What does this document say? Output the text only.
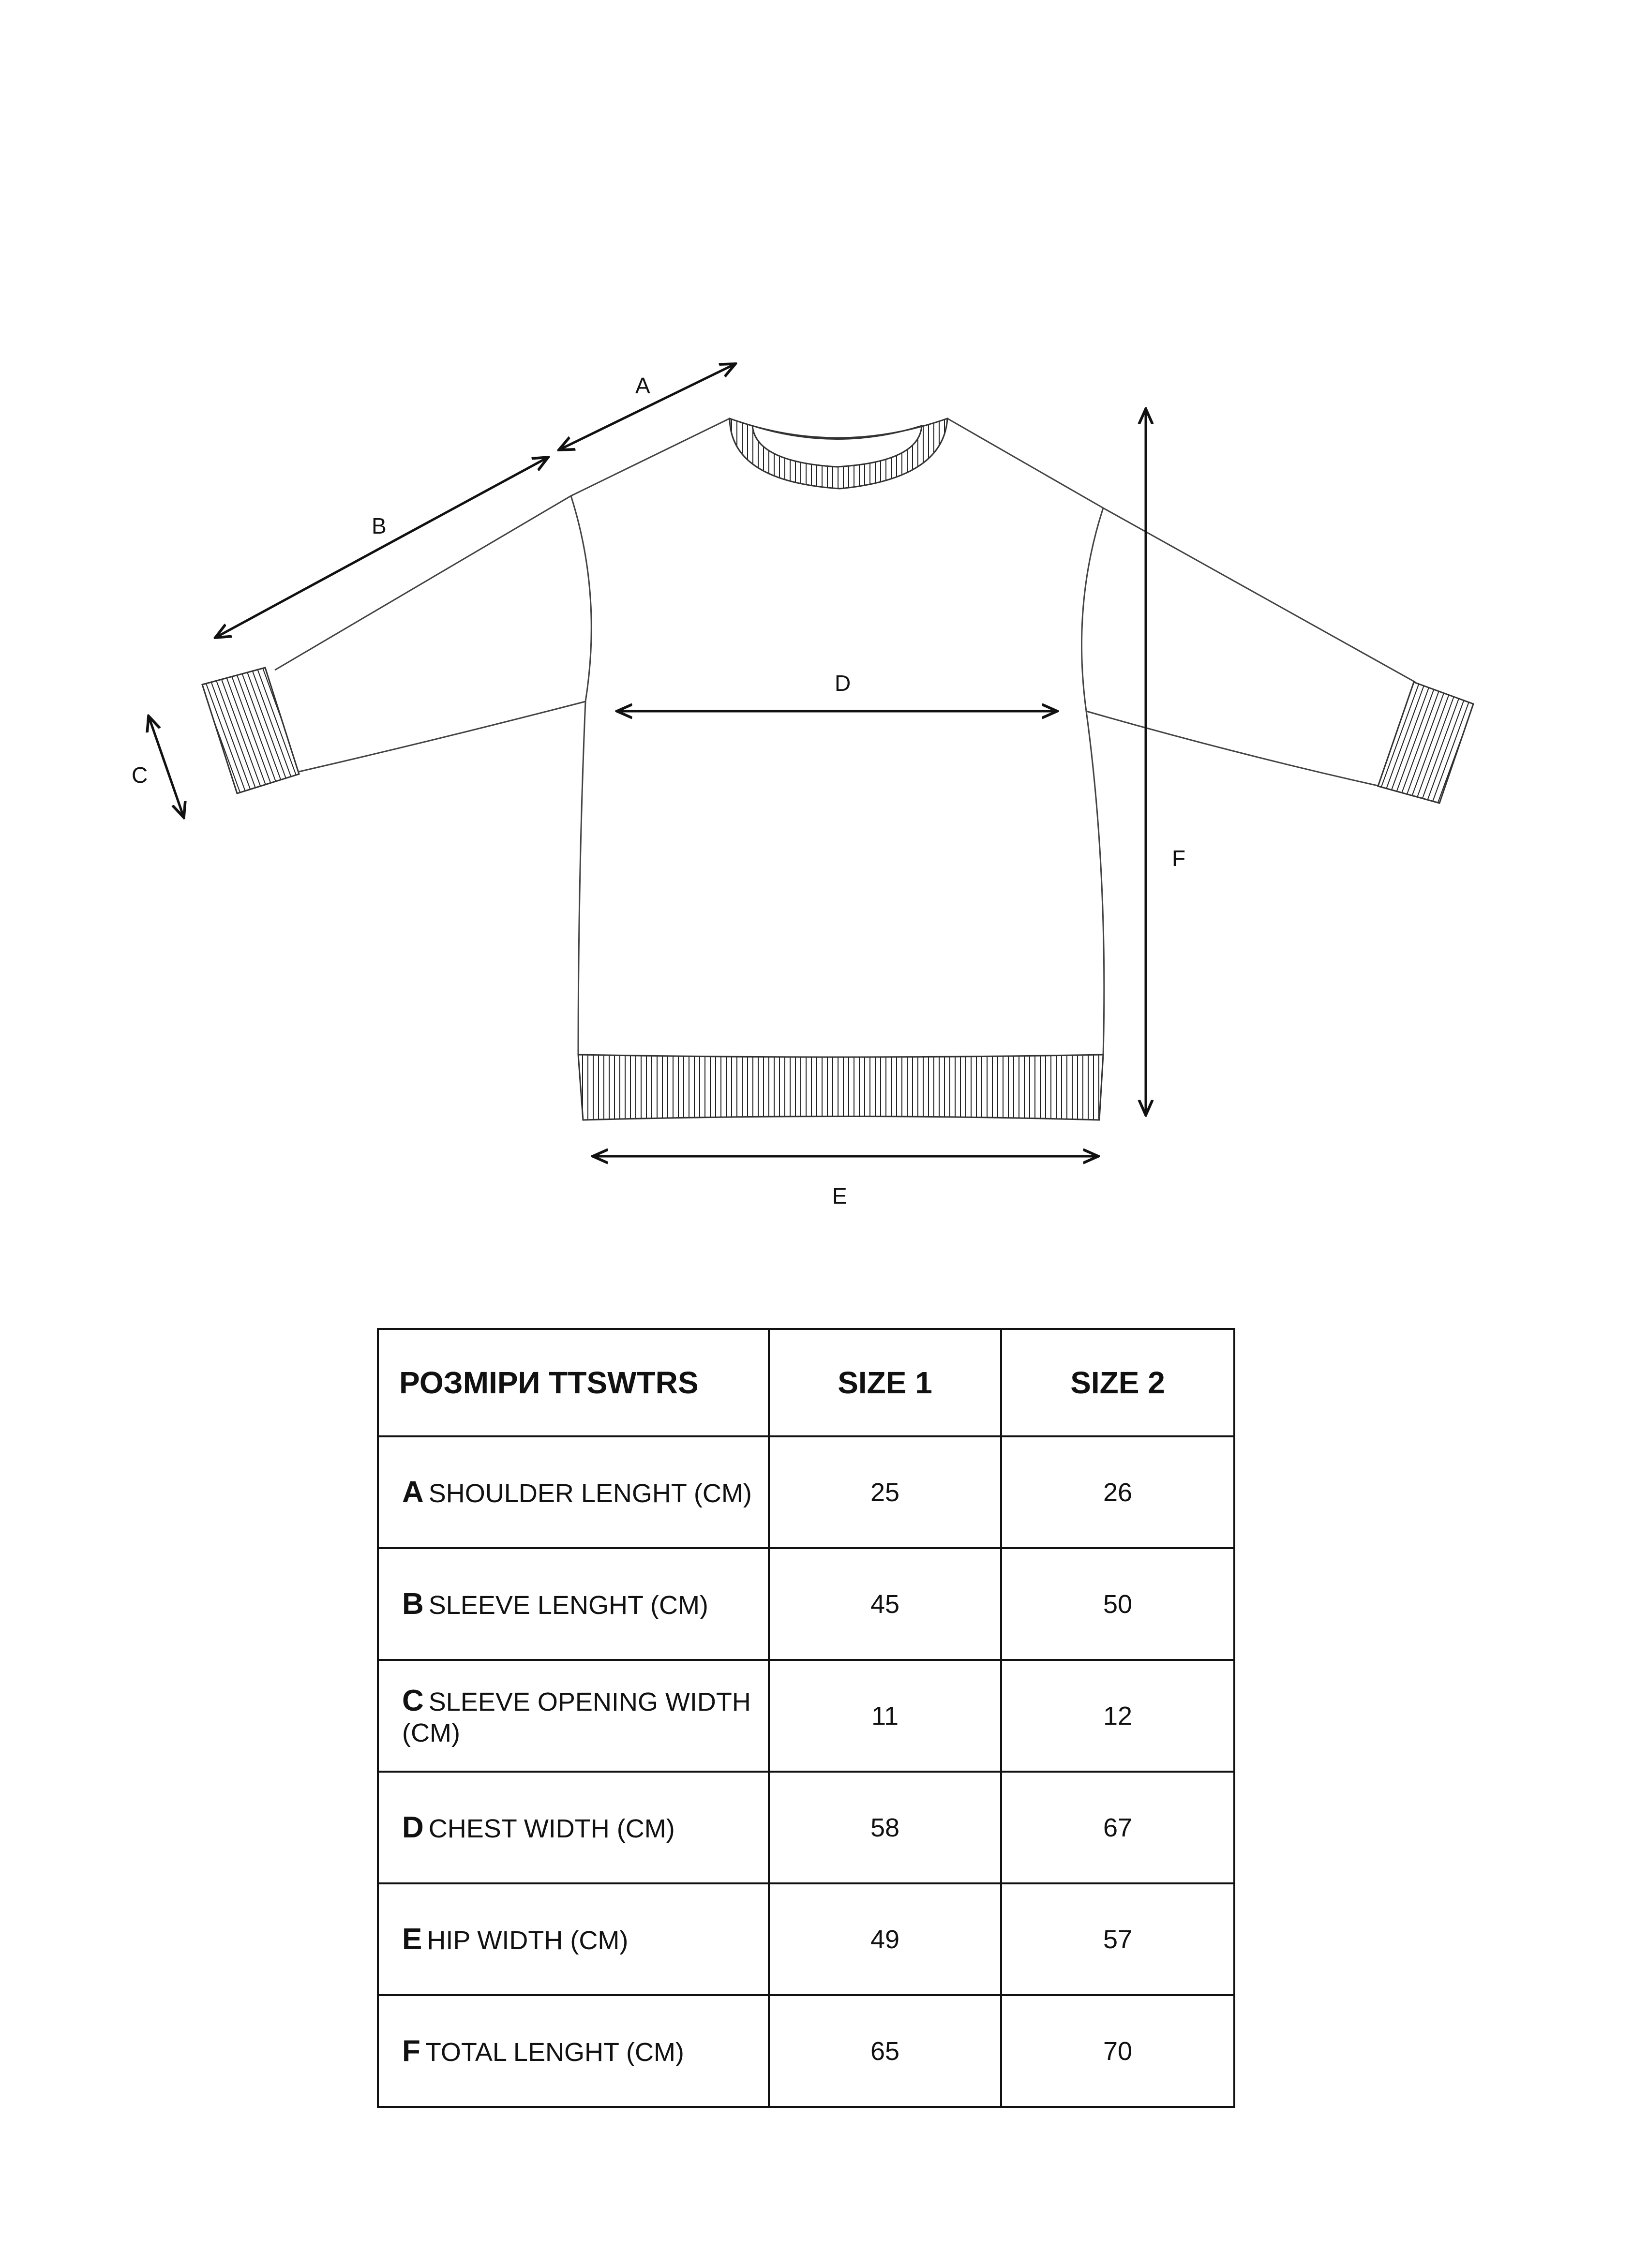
A
B
C
D
E
F
РОЗМІРИ TTSWTRS	SIZE 1	SIZE 2
A SHOULDER LENGHT (CM)	25	26
B SLEEVE LENGHT (CM)	45	50
C SLEEVE OPENING WIDTH (CM)	11	12
D CHEST WIDTH (CM)	58	67
E HIP WIDTH (CM)	49	57
F TOTAL LENGHT (CM)	65	70
